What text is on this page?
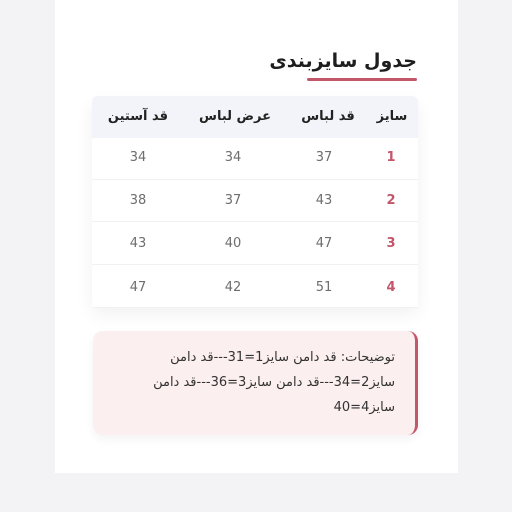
جدول سایزبندی
سایز
قد لباس
عرض لباس
قد آستین
1
37
34
34
2
43
37
38
3
47
40
43
4
51
42
47
توضیحات: قد دامن سایز1=31---قد دامن سایز2=34---قد دامن سایز3=36---قد دامن سایز4=40
